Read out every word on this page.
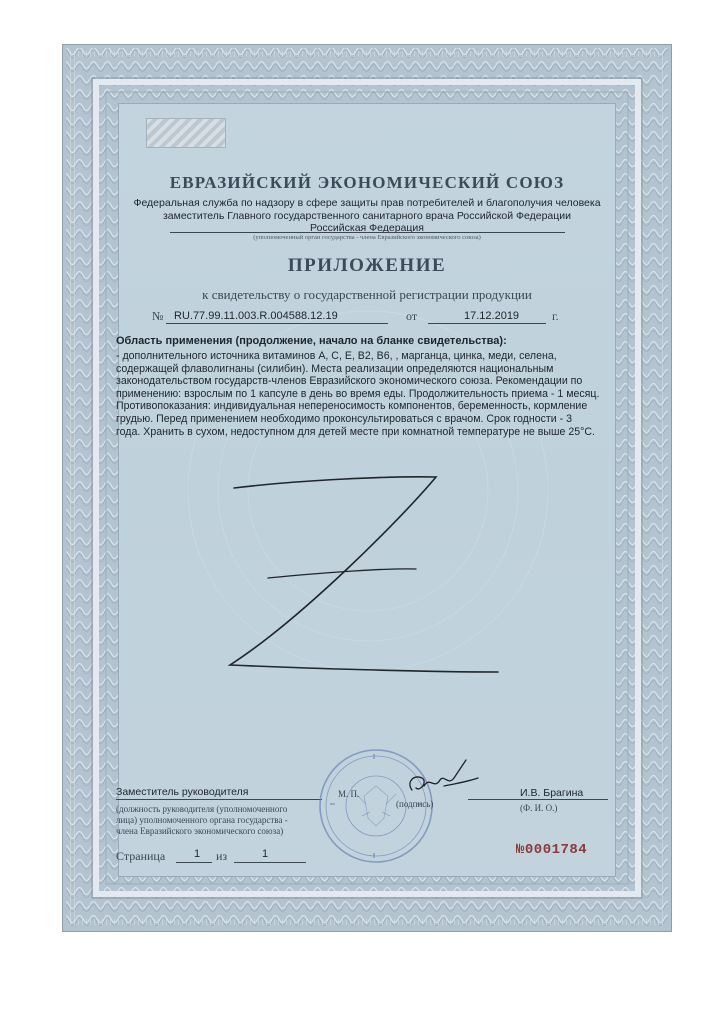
ЕВРАЗИЙСКИЙ ЭКОНОМИЧЕСКИЙ СОЮЗ
Федеральная служба по надзору в сфере защиты прав потребителей и благополучия человека
заместитель Главного государственного санитарного врача Российской Федерации
Российская Федерация
(уполномоченный орган государства - члена Евразийского экономического союза)
ПРИЛОЖЕНИЕ
к свидетельству о государственной регистрации продукции
№ RU.77.99.11.003.R.004588.12.19	от	17.12.2019	г.
Область применения (продолжение, начало на бланке свидетельства):
- дополнительного источника витаминов А, С, Е, В2, В6, , марганца, цинка, меди, селена,
содержащей флаволигнаны (силибин). Места реализации определяются национальным
законодательством государств-членов Евразийского экономического союза. Рекомендации по
применению: взрослым по 1 капсуле в день во время еды. Продолжительность приема - 1 месяц.
Противопоказания: индивидуальная непереносимость компонентов, беременность, кормление
грудью. Перед применением необходимо проконсультироваться с врачом. Срок годности - 3
года. Хранить в сухом, недоступном для детей месте при комнатной температуре не выше 25°С.
Заместитель руководителя
(должность руководителя (уполномоченного
лица) уполномоченного органа государства -
члена Евразийского экономического союза)
М. П.
(подпись)
И.В. Брагина
(Ф. И. О.)
Страница	1 из	1	№0001784
